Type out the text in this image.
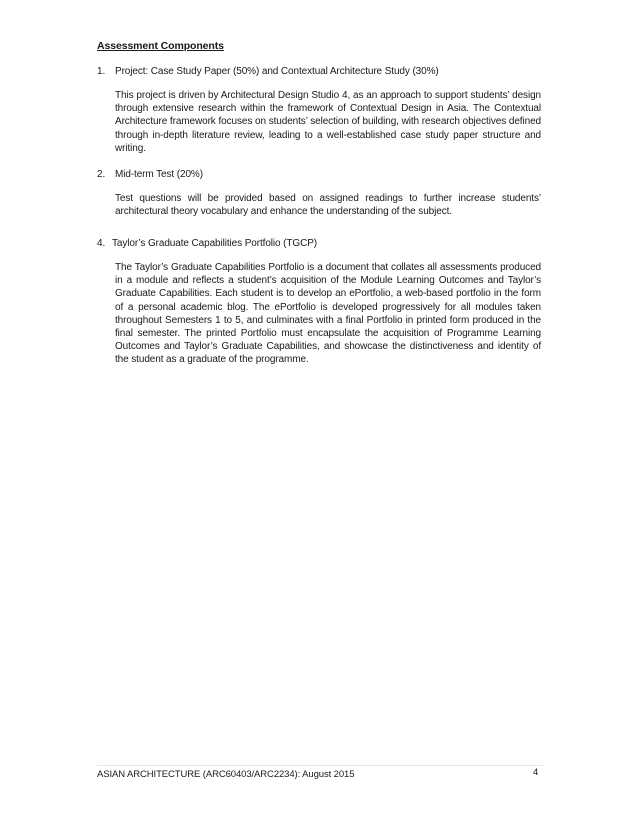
Assessment Components
1. Project: Case Study Paper (50%) and Contextual Architecture Study (30%)

This project is driven by Architectural Design Studio 4, as an approach to support students’ design through extensive research within the framework of Contextual Design in Asia. The Contextual Architecture framework focuses on students’ selection of building, with research objectives defined through in-depth literature review, leading to a well-established case study paper structure and writing.

2. Mid-term Test (20%)

Test questions will be provided based on assigned readings to further increase students’ architectural theory vocabulary and enhance the understanding of the subject.

4. Taylor’s Graduate Capabilities Portfolio (TGCP)

The Taylor’s Graduate Capabilities Portfolio is a document that collates all assessments produced in a module and reflects a student’s acquisition of the Module Learning Outcomes and Taylor’s Graduate Capabilities. Each student is to develop an ePortfolio, a web-based portfolio in the form of a personal academic blog. The ePortfolio is developed progressively for all modules taken throughout Semesters 1 to 5, and culminates with a final Portfolio in printed form produced in the final semester. The printed Portfolio must encapsulate the acquisition of Programme Learning Outcomes and Taylor’s Graduate Capabilities, and showcase the distinctiveness and identity of the student as a graduate of the programme.

ASIAN ARCHITECTURE (ARC60403/ARC2234): August 2015	4
